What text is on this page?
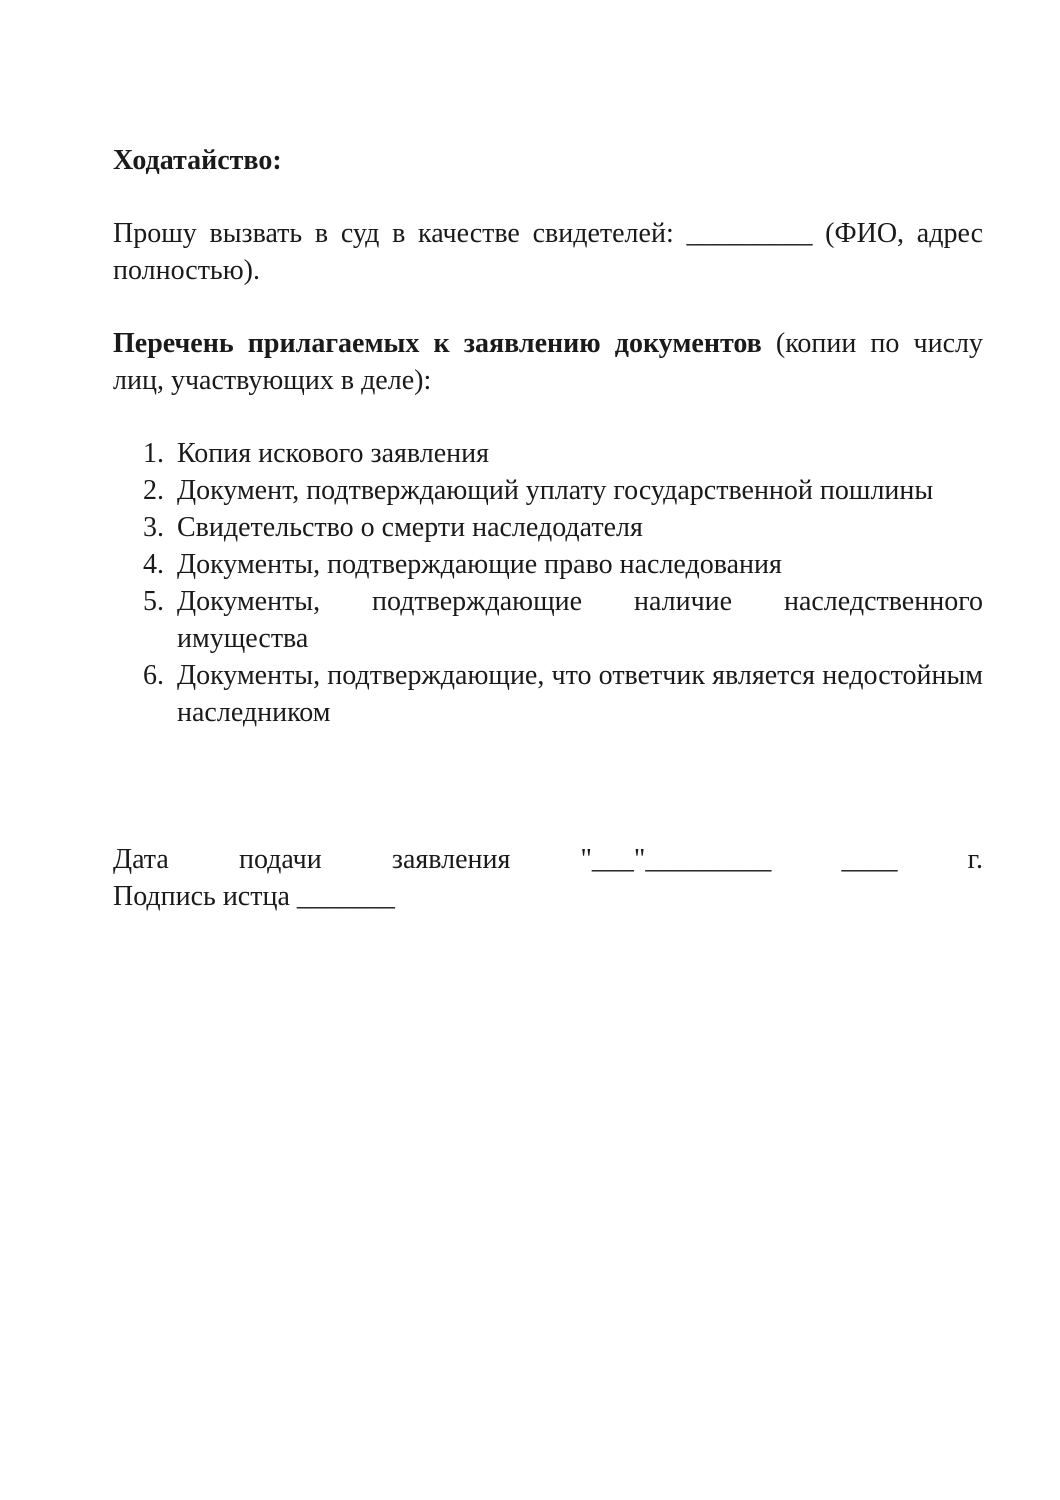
Ходатайство:
Прошу вызвать в суд в качестве свидетелей: _________ (ФИО, адрес полностью).
Перечень прилагаемых к заявлению документов (копии по числу лиц, участвующих в деле):
1. Копия искового заявления
2. Документ, подтверждающий уплату государственной пошлины
3. Свидетельство о смерти наследодателя
4. Документы, подтверждающие право наследования
5. Документы, подтверждающие наличие наследственного имущества
6. Документы, подтверждающие, что ответчик является недостойным наследником
Дата	подачи	заявления	"___"_________	____	г.
Подпись истца _______
